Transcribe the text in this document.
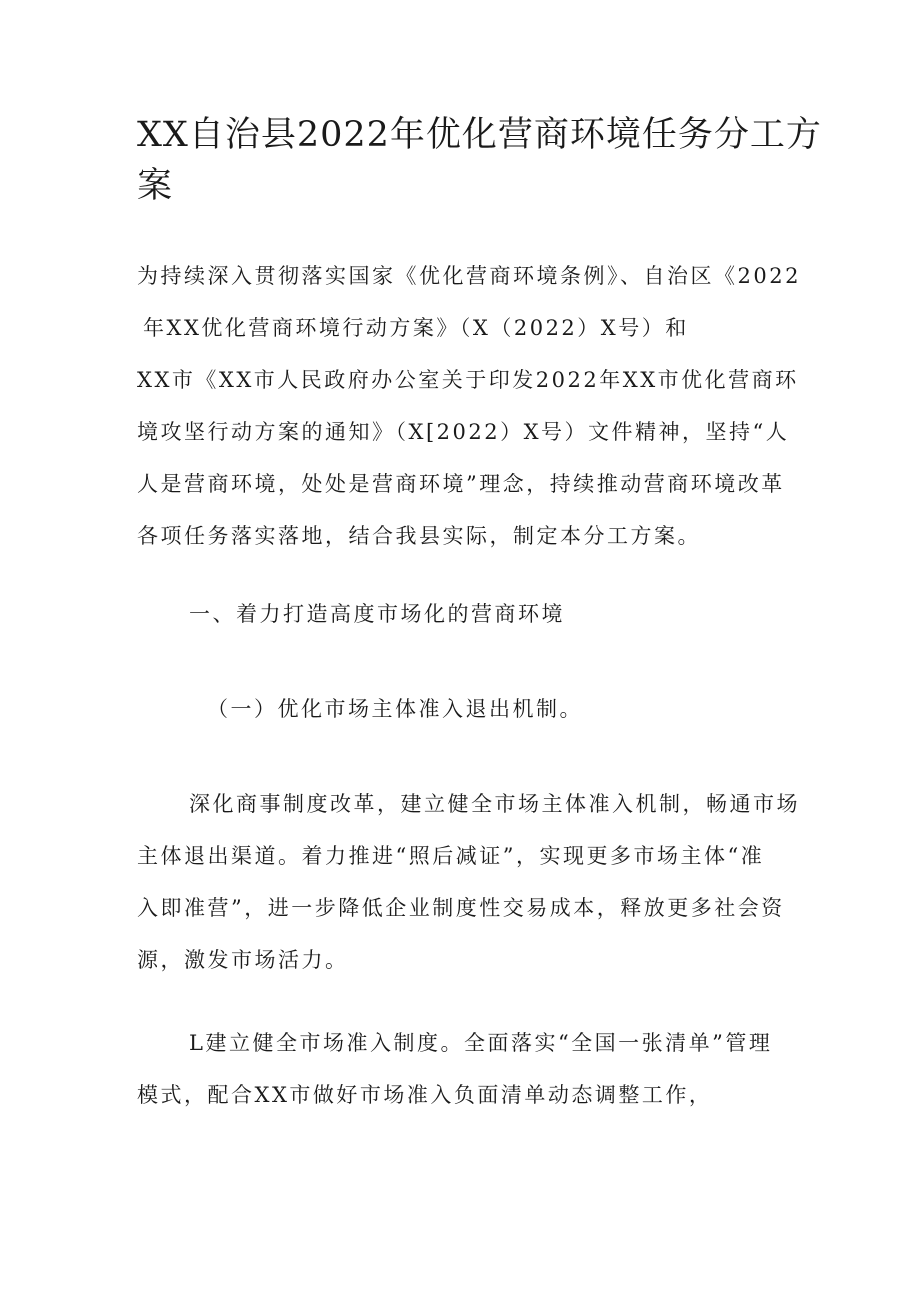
XX自治县2022年优化营商环境任务分工方
案
为持续深入贯彻落实国家《优化营商环境条例》、自治区《2022
年XX优化营商环境行动方案》（X（2022）X号）和
XX市《XX市人民政府办公室关于印发2022年XX市优化营商环
境攻坚行动方案的通知》（X[2022）X号）文件精神，坚持“人
人是营商环境，处处是营商环境”理念，持续推动营商环境改革
各项任务落实落地，结合我县实际，制定本分工方案。
一、着力打造高度市场化的营商环境
（一）优化市场主体准入退出机制。
深化商事制度改革，建立健全市场主体准入机制，畅通市场
主体退出渠道。着力推进“照后减证”，实现更多市场主体“准
入即准营”，进一步降低企业制度性交易成本，释放更多社会资
源，激发市场活力。
L建立健全市场准入制度。全面落实“全国一张清单”管理
模式，配合XX市做好市场准入负面清单动态调整工作，
